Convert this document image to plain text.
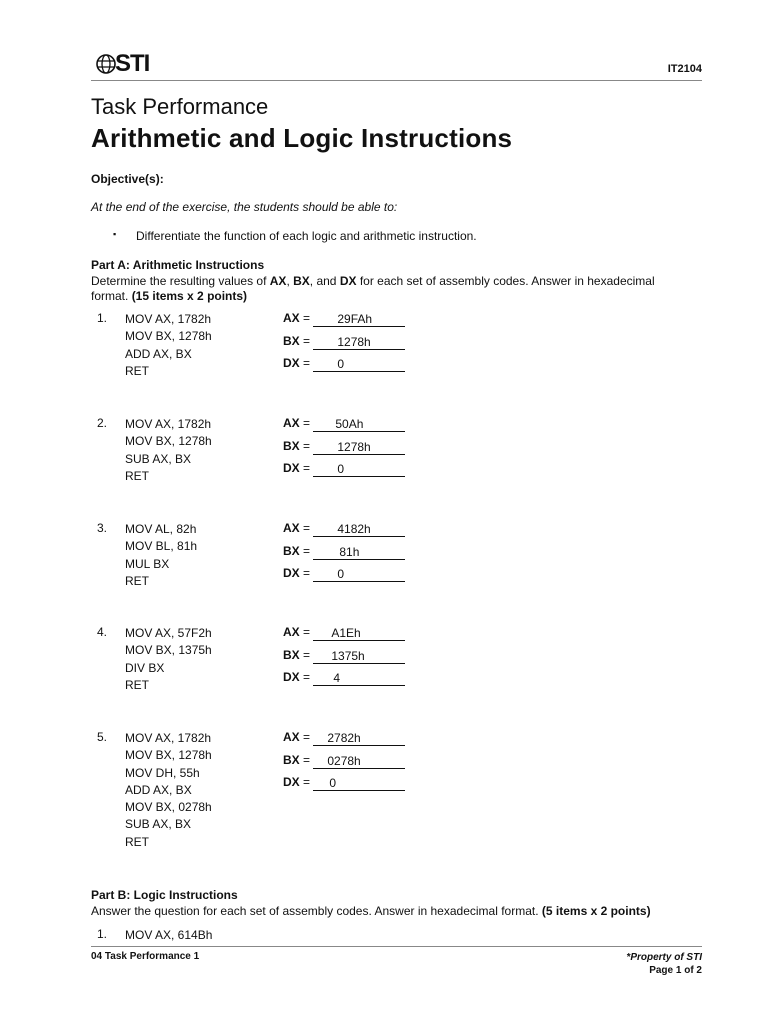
STI	IT2104
Task Performance
Arithmetic and Logic Instructions
Objective(s):
At the end of the exercise, the students should be able to:
▪ Differentiate the function of each logic and arithmetic instruction.
Part A: Arithmetic Instructions
Determine the resulting values of AX, BX, and DX for each set of assembly codes. Answer in hexadecimal
format. (15 items x 2 points)
1.	MOV AX, 1782h
MOV BX, 1278h
ADD AX, BX
RET
AX = 29FAh
BX = 1278h
DX = 0
2.	MOV AX, 1782h
MOV BX, 1278h
SUB AX, BX
RET
AX = 50Ah
BX = 1278h
DX = 0
3.	MOV AL, 82h
MOV BL, 81h
MUL BX
RET
AX = 4182h
BX = 81h
DX = 0
4.	MOV AX, 57F2h
MOV BX, 1375h
DIV BX
RET
AX = A1Eh
BX = 1375h
DX = 4
5.	MOV AX, 1782h
MOV BX, 1278h
MOV DH, 55h
ADD AX, BX
MOV BX, 0278h
SUB AX, BX
RET
AX = 2782h
BX = 0278h
DX = 0
Part B: Logic Instructions
Answer the question for each set of assembly codes. Answer in hexadecimal format. (5 items x 2 points)
1.	MOV AX, 614Bh
04 Task Performance 1	*Property of STI
Page 1 of 2
